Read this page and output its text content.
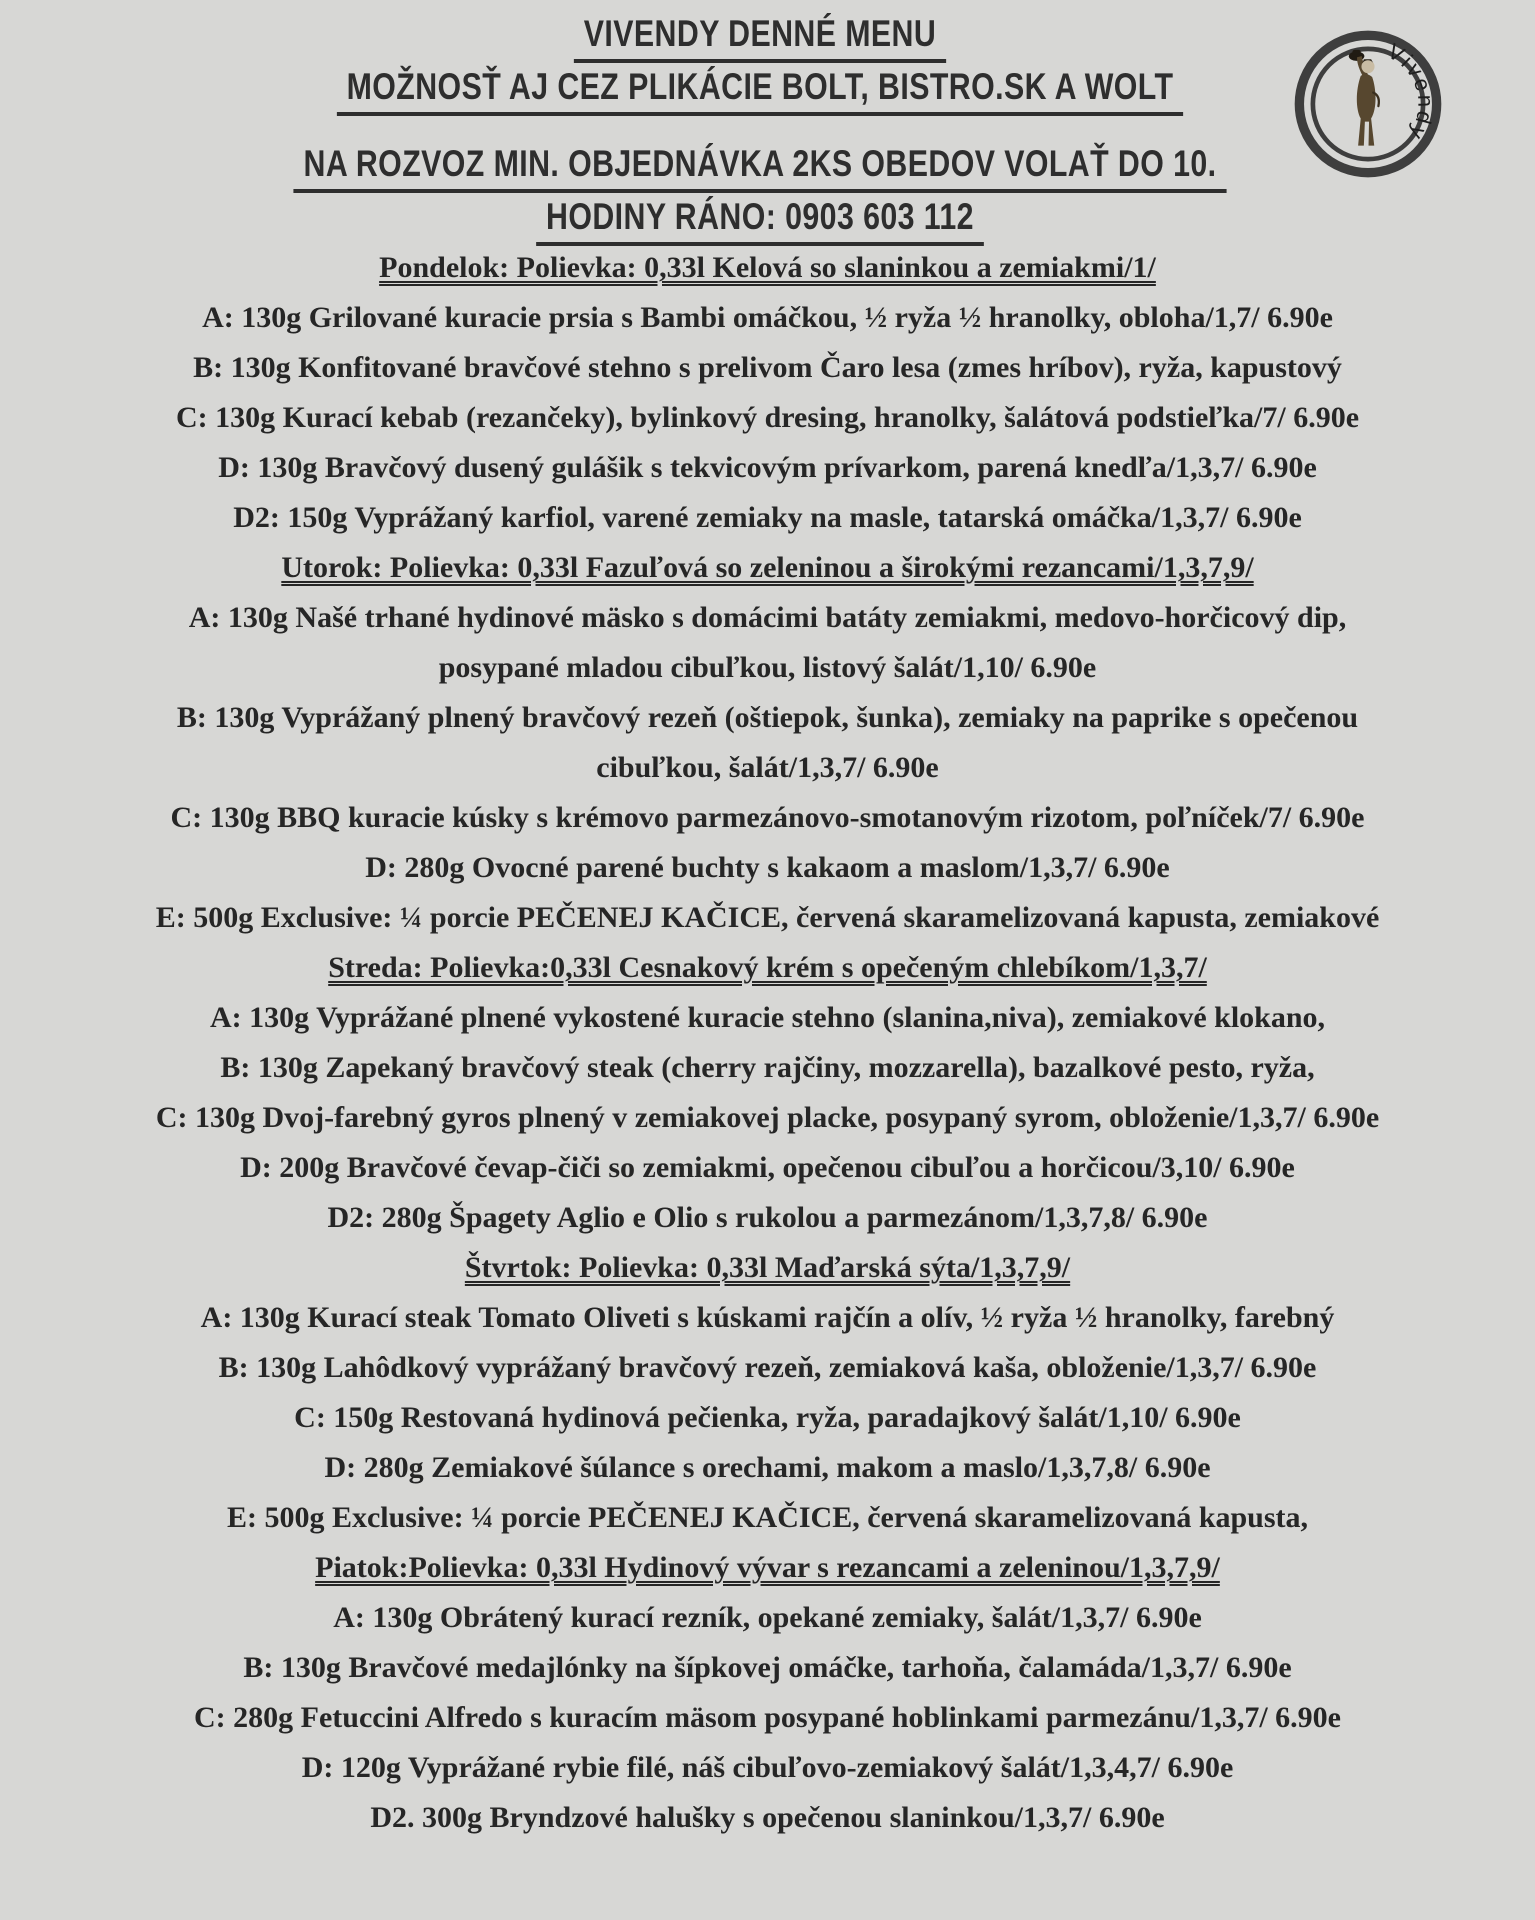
VIVENDY DENNÉ MENU
MOŽNOSŤ AJ CEZ PLIKÁCIE BOLT, BISTRO.SK A WOLT
NA ROZVOZ MIN. OBJEDNÁVKA 2KS OBEDOV VOLAŤ DO 10.
HODINY RÁNO: 0903 603 112
Vivendy
Pondelok: Polievka: 0,33l Kelová so slaninkou a zemiakmi/1/
A: 130g Grilované kuracie prsia s Bambi omáčkou, ½ ryža ½ hranolky, obloha/1,7/ 6.90e
B: 130g Konfitované bravčové stehno s prelivom Čaro lesa (zmes hríbov), ryža, kapustový
C: 130g Kurací kebab (rezančeky), bylinkový dresing, hranolky, šalátová podstieľka/7/ 6.90e
D: 130g Bravčový dusený gulášik s tekvicovým prívarkom, parená knedľa/1,3,7/ 6.90e
D2: 150g Vyprážaný karfiol, varené zemiaky na masle, tatarská omáčka/1,3,7/ 6.90e
Utorok: Polievka: 0,33l Fazuľová so zeleninou a širokými rezancami/1,3,7,9/
A: 130g Našé trhané hydinové mäsko s domácimi batáty zemiakmi, medovo-horčicový dip,
posypané mladou cibuľkou, listový šalát/1,10/ 6.90e
B: 130g Vyprážaný plnený bravčový rezeň (oštiepok, šunka), zemiaky na paprike s opečenou
cibuľkou, šalát/1,3,7/ 6.90e
C: 130g BBQ kuracie kúsky s krémovo parmezánovo-smotanovým rizotom, poľníček/7/ 6.90e
D: 280g Ovocné parené buchty s kakaom a maslom/1,3,7/ 6.90e
E: 500g Exclusive: ¼ porcie PEČENEJ KAČICE, červená skaramelizovaná kapusta, zemiakové
Streda: Polievka:0,33l Cesnakový krém s opečeným chlebíkom/1,3,7/
A: 130g Vyprážané plnené vykostené kuracie stehno (slanina,niva), zemiakové klokano,
B: 130g Zapekaný bravčový steak (cherry rajčiny, mozzarella), bazalkové pesto, ryža,
C: 130g Dvoj-farebný gyros plnený v zemiakovej placke, posypaný syrom, obloženie/1,3,7/ 6.90e
D: 200g Bravčové čevap-čiči so zemiakmi, opečenou cibuľou a horčicou/3,10/ 6.90e
D2: 280g Špagety Aglio e Olio s rukolou a parmezánom/1,3,7,8/ 6.90e
Štvrtok: Polievka: 0,33l Maďarská sýta/1,3,7,9/
A: 130g Kurací steak Tomato Oliveti s kúskami rajčín a olív, ½ ryža ½ hranolky, farebný
B: 130g Lahôdkový vyprážaný bravčový rezeň, zemiaková kaša, obloženie/1,3,7/ 6.90e
C: 150g Restovaná hydinová pečienka, ryža, paradajkový šalát/1,10/ 6.90e
D: 280g Zemiakové šúlance s orechami, makom a maslo/1,3,7,8/ 6.90e
E: 500g Exclusive: ¼ porcie PEČENEJ KAČICE, červená skaramelizovaná kapusta,
Piatok:Polievka: 0,33l Hydinový vývar s rezancami a zeleninou/1,3,7,9/
A: 130g Obrátený kurací rezník, opekané zemiaky, šalát/1,3,7/ 6.90e
B: 130g Bravčové medajlónky na šípkovej omáčke, tarhoňa, čalamáda/1,3,7/ 6.90e
C: 280g Fetuccini Alfredo s kuracím mäsom posypané hoblinkami parmezánu/1,3,7/ 6.90e
D: 120g Vyprážané rybie filé, náš cibuľovo-zemiakový šalát/1,3,4,7/ 6.90e
D2. 300g Bryndzové halušky s opečenou slaninkou/1,3,7/ 6.90e
